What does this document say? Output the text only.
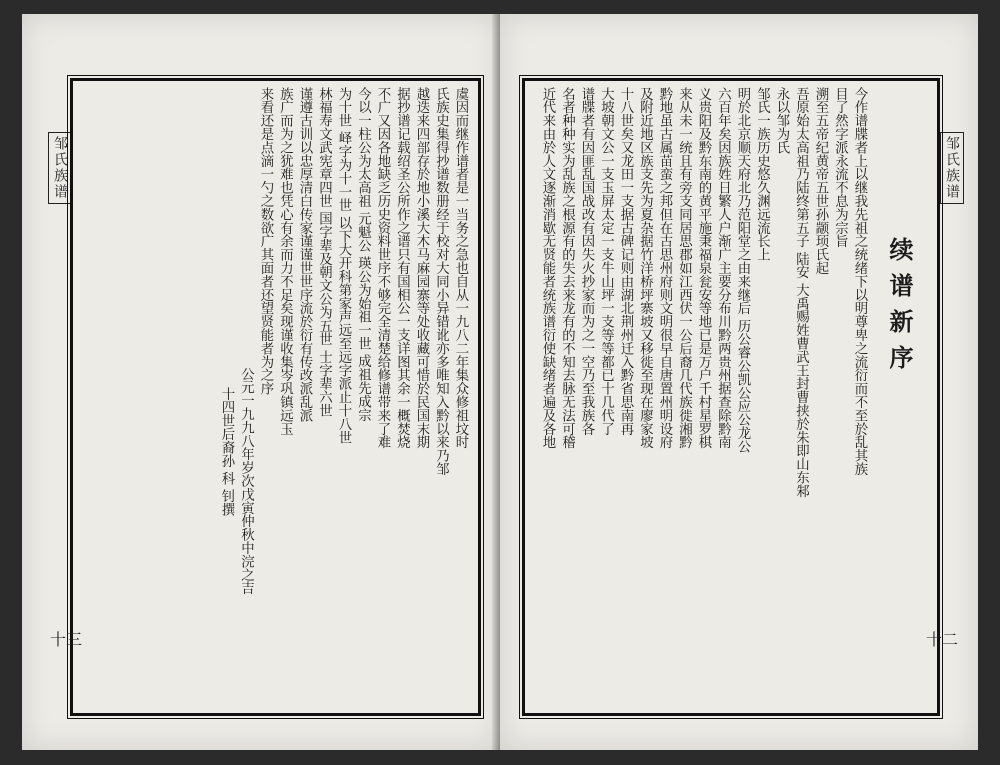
邹氏族谱	虞因而继作谱者是一当务之急也自从一九八二年集众修祖坟时
氏族史集得抄谱数册经于校对大同小异错讹亦多唯知入黔以来乃邹
越迭来四部存於地小溪大木马麻园寨等处收藏可惜於民国末期
据抄谱记载绍圣公所作之谱只有国相公一支详图其余一概焚烧
不广又因各地缺乏历史资料世序不够完全清楚给修谱带来了难
今以一柱公为太高祖 元魁公 瑛公为始祖一世 成祖先成宗
为十世 峄字为十一世 以下大开科第家声远至远字派止十八世
林福寿文武宪章四世 国字辈及朝文公为五世 士字辈六世
谨遵古训以忠厚清白传家谨谨世世序流於衍有传改派乱派
族广而为之犹难也凭心有余而力不足矣现谨收集岑巩镇远玉
来看还是点滴一勺之数欲广其面者还望贤能者为之序
公元一九九八年岁次戊寅仲秋中浣之吉
十四世后裔孙 科 钊撰
十三
邹氏族谱
续谱新序
今作谱牒者上以继我先祖之统绪下以明尊卑之流衍而不至於乱其族
目了然字派永流不息为宗旨
溯至五帝纪黄帝五世孙颛顼氏起
吾原始太高祖乃陆终第五子 陆安 大禹赐姓曹武王封曹挟於朱即山东邾
永以邹为氏
邹氏一族历史悠久渊远流长上
明於北京顺天府北乃范阳堂之由来继后 历公睿公凯公应公龙公
六百年矣因族姓日繁人户渐广主要分布川黔两贵州据查除黔南
义贵阳及黔东南的黄平施秉福泉瓮安等地已是万户千村星罗棋
来从未一统且有旁支同居思郡如江西伏一公后裔几代族徙湘黔
黔地虽古属苗蛮之邦但在古思州府则文明很早自唐置州明设府
及附近地区族支先为夏杂据竹洋桥坪寨坡又移徙至现在廖家坡
十八世矣又龙田一支据古碑记则由湖北荆州迁入黔省思南再
大坡朝文公一支玉屏太定一支牛山坪一支等等都已十几代了
谱牒者有因匪乱国战改有因失火抄家而为之一空乃至我族各
名者种种实为乱族之根源有的失去来龙有的不知去脉无法可稽
近代来由於人文逐渐消歇无贤能者统族谱衍使缺绪者遍及各地
十二
